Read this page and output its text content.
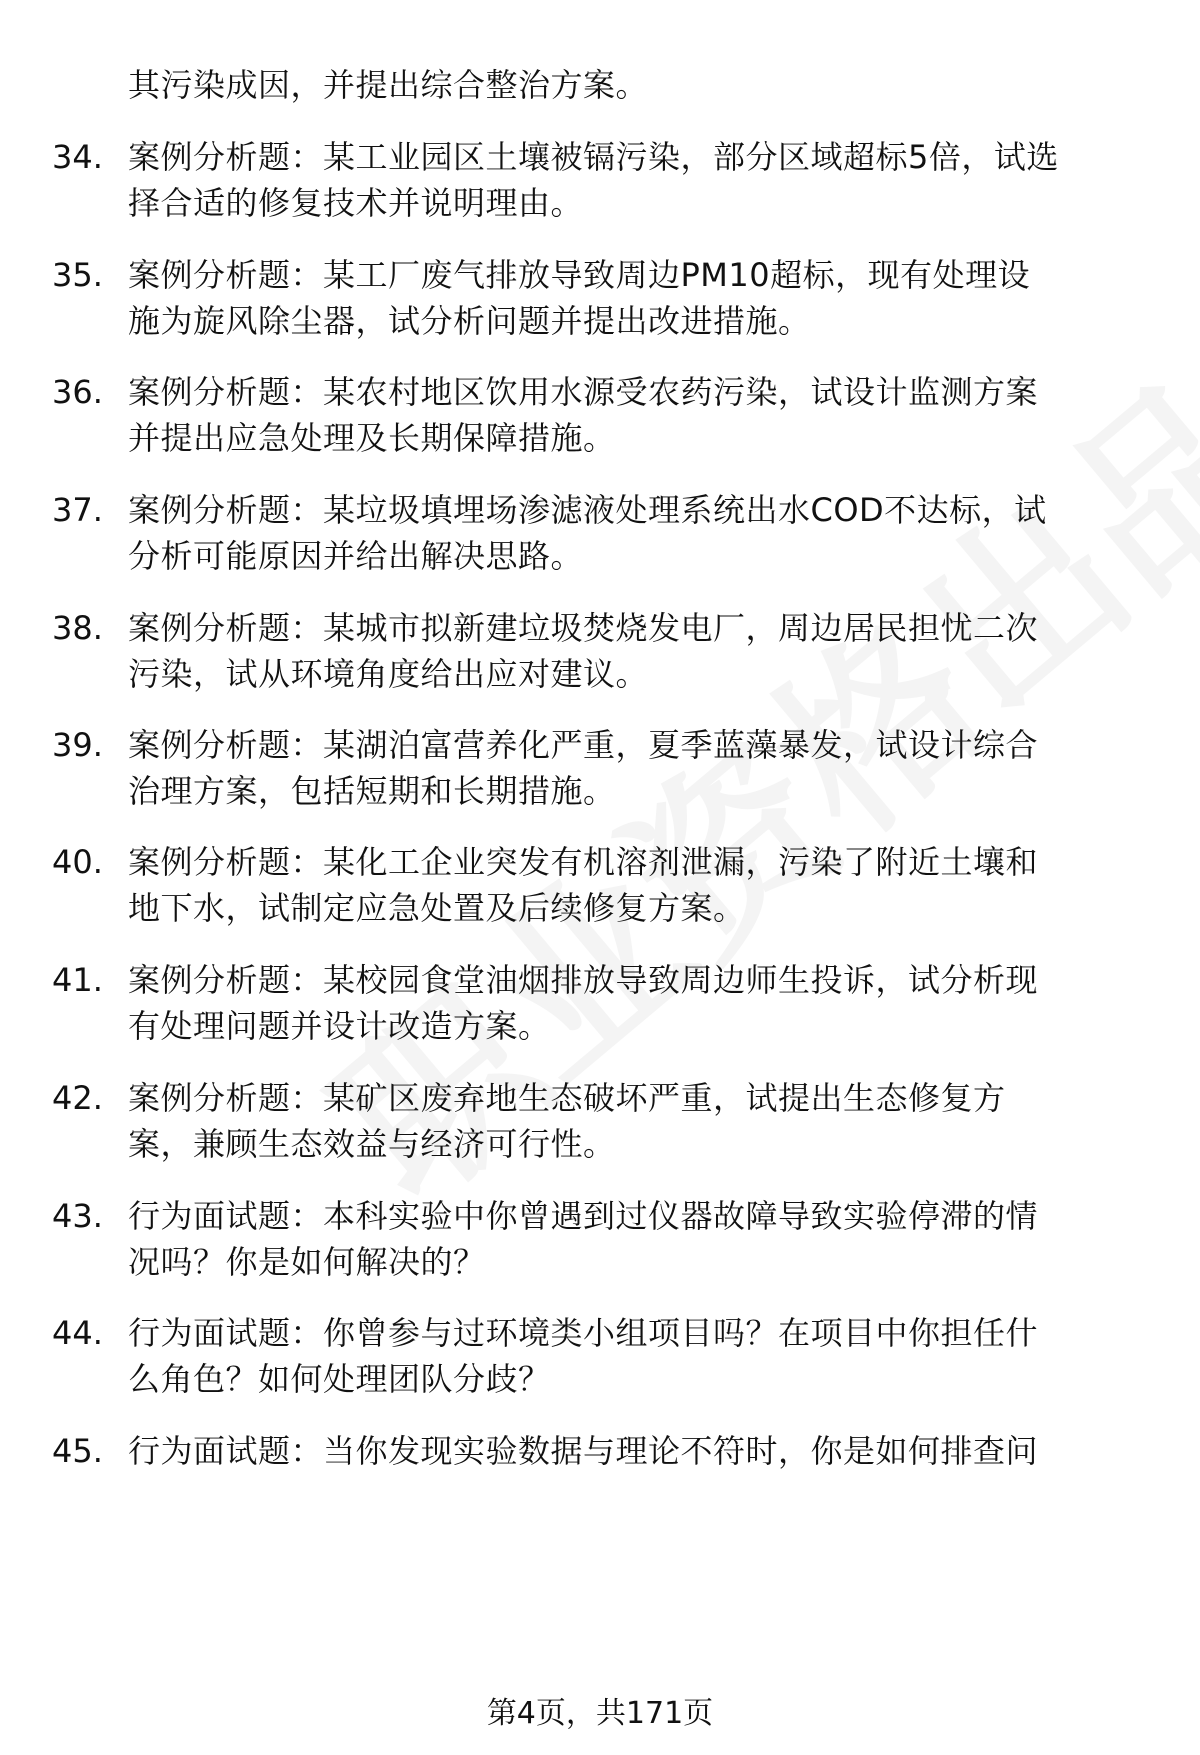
其污染成因，并提出综合整治方案。
34. 案例分析题：某工业园区土壤被镉污染，部分区域超标5倍，试选
择合适的修复技术并说明理由。
35. 案例分析题：某工厂废气排放导致周边PM10超标，现有处理设
施为旋风除尘器，试分析问题并提出改进措施。
36. 案例分析题：某农村地区饮用水源受农药污染，试设计监测方案
并提出应急处理及长期保障措施。
37. 案例分析题：某垃圾填埋场渗滤液处理系统出水COD不达标，试
分析可能原因并给出解决思路。
38. 案例分析题：某城市拟新建垃圾焚烧发电厂，周边居民担忧二次
污染，试从环境角度给出应对建议。
39. 案例分析题：某湖泊富营养化严重，夏季蓝藻暴发，试设计综合
治理方案，包括短期和长期措施。
40. 案例分析题：某化工企业突发有机溶剂泄漏，污染了附近土壤和
地下水，试制定应急处置及后续修复方案。
41. 案例分析题：某校园食堂油烟排放导致周边师生投诉，试分析现
有处理问题并设计改造方案。
42. 案例分析题：某矿区废弃地生态破坏严重，试提出生态修复方
案，兼顾生态效益与经济可行性。
43. 行为面试题：本科实验中你曾遇到过仪器故障导致实验停滞的情
况吗？你是如何解决的？
44. 行为面试题：你曾参与过环境类小组项目吗？在项目中你担任什
么角色？如何处理团队分歧？
45. 行为面试题：当你发现实验数据与理论不符时，你是如何排查问

第4页，共171页
